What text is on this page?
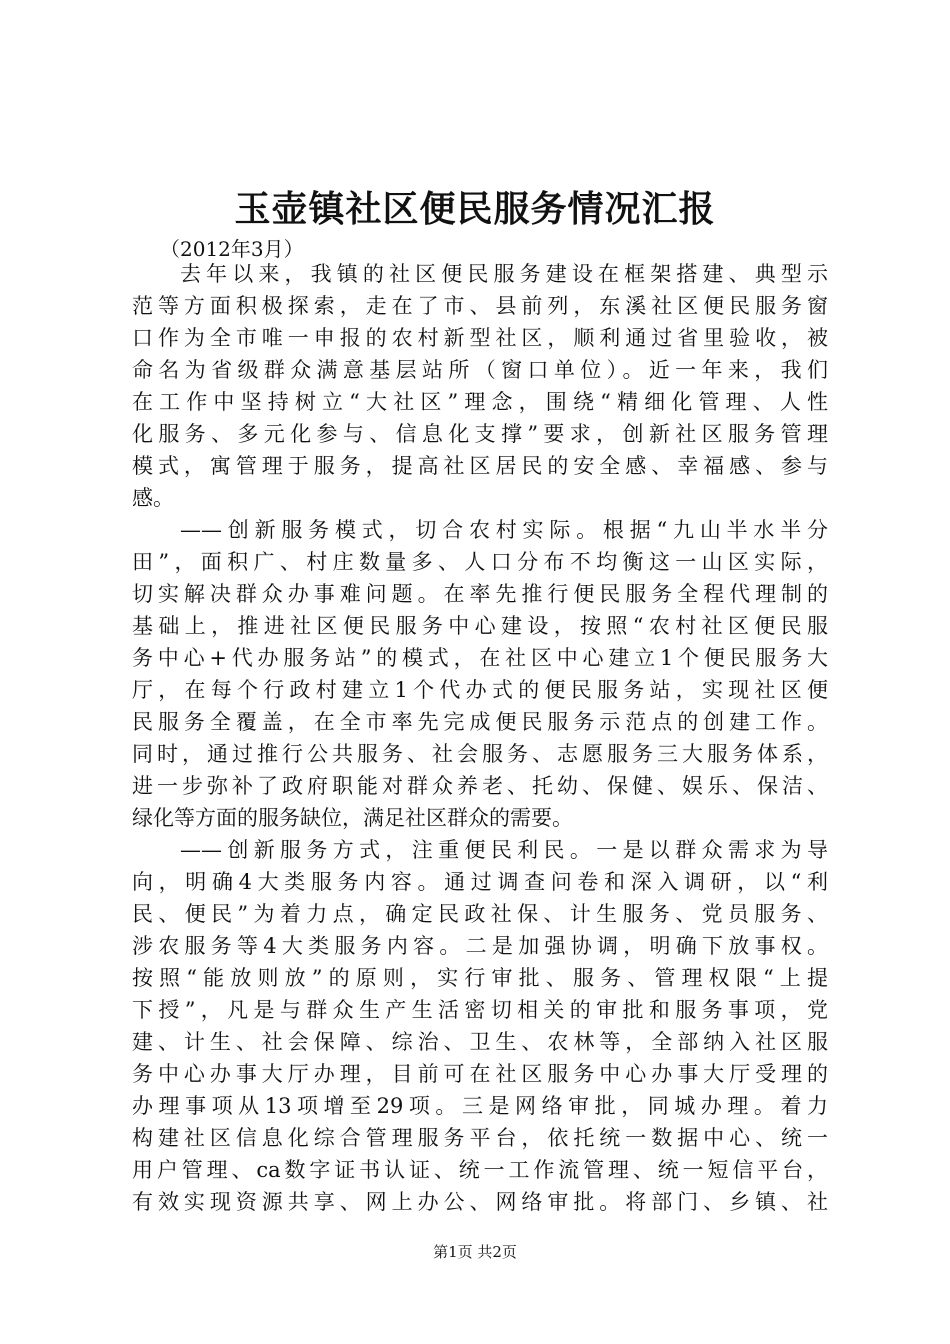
玉壶镇社区便民服务情况汇报
（2012年3月）
去年以来，我镇的社区便民服务建设在框架搭建、典型示
范等方面积极探索，走在了市、县前列，东溪社区便民服务窗
口作为全市唯一申报的农村新型社区，顺利通过省里验收，被
命名为省级群众满意基层站所（窗口单位）。近一年来，我们
在工作中坚持树立“大社区”理念，围绕“精细化管理、人性
化服务、多元化参与、信息化支撑”要求，创新社区服务管理
模式，寓管理于服务，提高社区居民的安全感、幸福感、参与
感。
——创新服务模式，切合农村实际。根据“九山半水半分
田”，面积广、村庄数量多、人口分布不均衡这一山区实际，
切实解决群众办事难问题。在率先推行便民服务全程代理制的
基础上，推进社区便民服务中心建设，按照“农村社区便民服
务中心+代办服务站”的模式，在社区中心建立1个便民服务大
厅，在每个行政村建立1个代办式的便民服务站，实现社区便
民服务全覆盖，在全市率先完成便民服务示范点的创建工作。
同时，通过推行公共服务、社会服务、志愿服务三大服务体系，
进一步弥补了政府职能对群众养老、托幼、保健、娱乐、保洁、
绿化等方面的服务缺位，满足社区群众的需要。
——创新服务方式，注重便民利民。一是以群众需求为导
向，明确4大类服务内容。通过调查问卷和深入调研，以“利
民、便民”为着力点，确定民政社保、计生服务、党员服务、
涉农服务等4大类服务内容。二是加强协调，明确下放事权。
按照“能放则放”的原则，实行审批、服务、管理权限“上提
下授”，凡是与群众生产生活密切相关的审批和服务事项，党
建、计生、社会保障、综治、卫生、农林等，全部纳入社区服
务中心办事大厅办理，目前可在社区服务中心办事大厅受理的
办理事项从13项增至29项。三是网络审批，同城办理。着力
构建社区信息化综合管理服务平台，依托统一数据中心、统一
用户管理、ca数字证书认证、统一工作流管理、统一短信平台，
有效实现资源共享、网上办公、网络审批。将部门、乡镇、社
第1页 共2页
